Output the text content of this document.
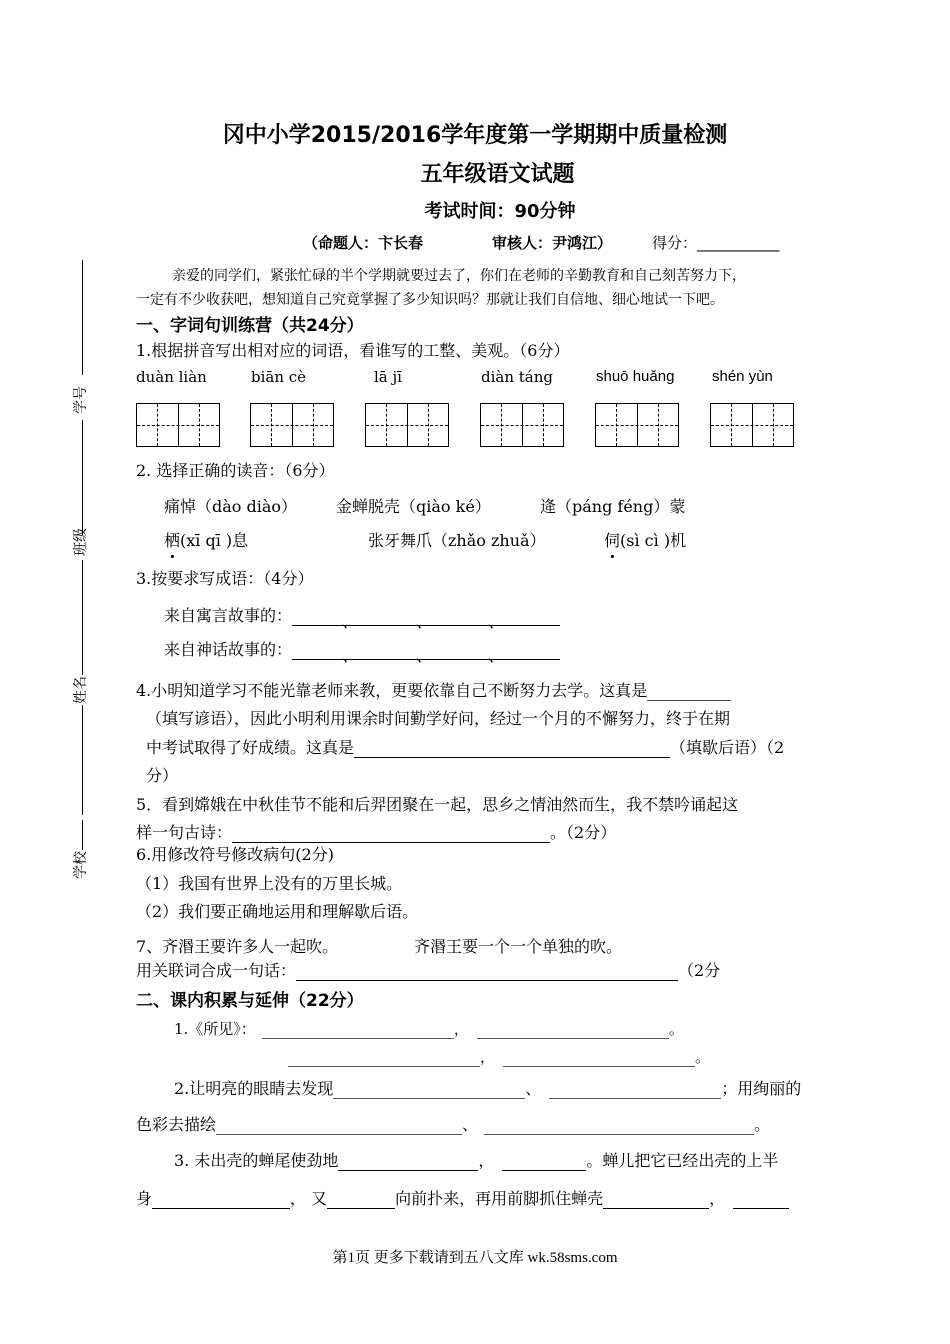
冈中小学2015/2016学年度第一学期期中质量检测
五年级语文试题
考试时间：90分钟
（命题人：卞长春	审核人：尹鸿江）	得分：___________
亲爱的同学们，紧张忙碌的半个学期就要过去了，你们在老师的辛勤教育和自己刻苦努力下，
一定有不少收获吧，想知道自己究竟掌握了多少知识吗？那就让我们自信地、细心地试一下吧。
学号
班级
姓名
学校
一、字词句训练营（共24分）
1.根据拼音写出相对应的词语，看谁写的工整、美观。（6分）
duàn liàn	biān cè	lā jī	diàn táng	shuō huǎng	shén yùn
2. 选择正确的读音：（6分）
痛悼（dào diào） 金蝉脱壳（qiào ké）	逄（páng féng）蒙
栖(xī qī )息	张牙舞爪（zhǎo zhuǎ）	伺(sì cì )机
3.按要求写成语：（4分）
来自寓言故事的：	、	、	、
来自神话故事的：	、	、	、
4.小明知道学习不能光靠老师来教，更要依靠自己不断努力去学。这真是
（填写谚语），因此小明利用课余时间勤学好问，经过一个月的不懈努力，终于在期
中考试取得了好成绩。这真是	（填歇后语）（2
分）
5．看到嫦娥在中秋佳节不能和后羿团聚在一起，思乡之情油然而生，我不禁吟诵起这
样一句古诗：	。（2分）
6.用修改符号修改病句(2分)
（1）我国有世界上没有的万里长城。
（2）我们要正确地运用和理解歇后语。
7、齐湣王要许多人一起吹。	齐湣王要一个一个单独的吹。
用关联词合成一句话：	（2分
二、课内积累与延伸（22分）
1.《所见》：	，	。
，	。
2.让明亮的眼睛去发现	、	；用绚丽的
色彩去描绘	、	。
3. 未出壳的蝉尾使劲地	，	。蝉儿把它已经出壳的上半
身	， 又	向前扑来，再用前脚抓住蝉壳	，
第1页 更多下载请到五八文库 wk.58sms.com
